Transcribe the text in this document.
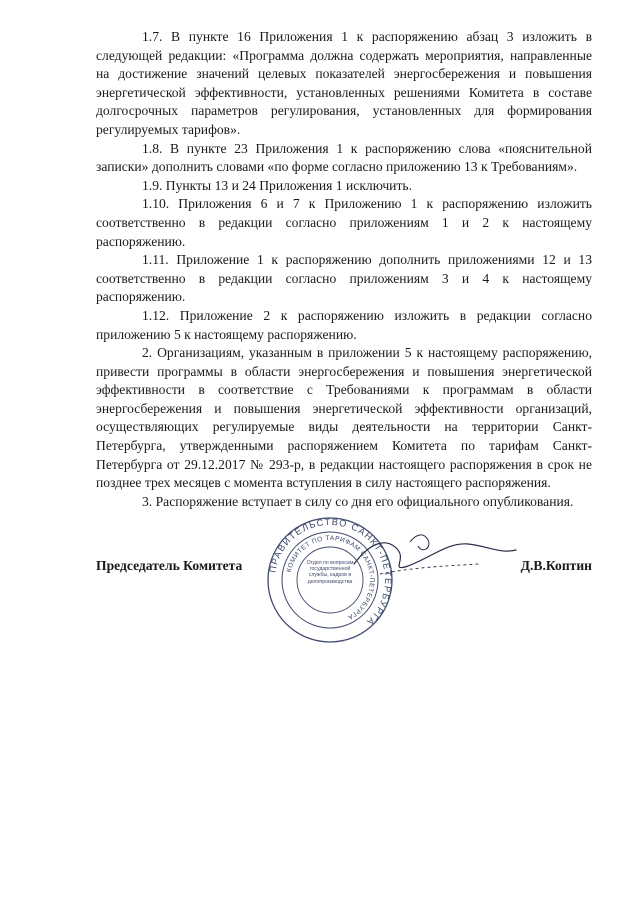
1.7. В пункте 16 Приложения 1 к распоряжению абзац 3 изложить в следующей редакции: «Программа должна содержать мероприятия, направленные на достижение значений целевых показателей энергосбережения и повышения энергетической эффективности, установленных решениями Комитета в составе долгосрочных параметров регулирования, установленных для формирования регулируемых тарифов».

1.8. В пункте 23 Приложения 1 к распоряжению слова «пояснительной записки» дополнить словами «по форме согласно приложению 13 к Требованиям».

1.9. Пункты 13 и 24 Приложения 1 исключить.

1.10. Приложения 6 и 7 к Приложению 1 к распоряжению изложить соответственно в редакции согласно приложениям 1 и 2 к настоящему распоряжению.

1.11. Приложение 1 к распоряжению дополнить приложениями 12 и 13 соответственно в редакции согласно приложениям 3 и 4 к настоящему распоряжению.

1.12. Приложение 2 к распоряжению изложить в редакции согласно приложению 5 к настоящему распоряжению.

2. Организациям, указанным в приложении 5 к настоящему распоряжению, привести программы в области энергосбережения и повышения энергетической эффективности в соответствие с Требованиями к программам в области энергосбережения и повышения энергетической эффективности организаций, осуществляющих регулируемые виды деятельности на территории Санкт-Петербурга, утвержденными распоряжением Комитета по тарифам Санкт-Петербурга от 29.12.2017 № 293-р, в редакции настоящего распоряжения в срок не позднее трех месяцев с момента вступления в силу настоящего распоряжения.

3. Распоряжение вступает в силу со дня его официального опубликования.

ПРАВИТЕЛЬСТВО САНКТ-ПЕТЕРБУРГА
КОМИТЕТ ПО ТАРИФАМ САНКТ-ПЕТЕРБУРГА
Отдел по вопросам государственной службы, кадров и делопроизводства
Председатель Комитета	Д.В.Коптин
